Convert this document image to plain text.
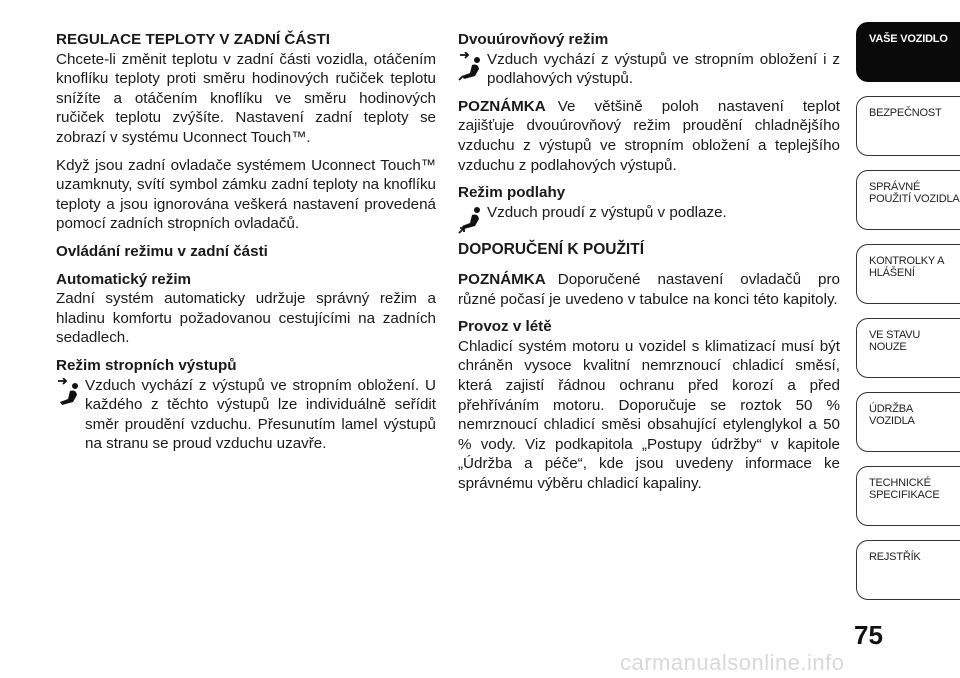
REGULACE TEPLOTY V ZADNÍ ČÁSTI

Chcete-li změnit teplotu v zadní části vozidla, otáčením knoflíku teploty proti směru hodinových ručiček teplotu snížíte a otáčením knoflíku ve směru hodinových ručiček teplotu zvýšíte. Nastavení zadní teploty se zobrazí v systému Uconnect Touch™.

Když jsou zadní ovladače systémem Uconnect Touch™ uzamknuty, svítí symbol zámku zadní teploty na knoflíku teploty a jsou ignorována veškerá nastavení provedená pomocí zadních stropních ovladačů.

Ovládání režimu v zadní části

Automatický režim

Zadní systém automaticky udržuje správný režim a hladinu komfortu požadovanou cestujícími na zadních sedadlech.

Režim stropních výstupů

Vzduch vychází z výstupů ve stropním obložení. U každého z těchto výstupů lze individuálně seřídit směr proudění vzduchu. Přesunutím lamel výstupů na stranu se proud vzduchu uzavře.

Dvouúrovňový režim

Vzduch vychází z výstupů ve stropním obložení i z podlahových výstupů.

POZNÁMKA Ve většině poloh nastavení teplot zajišťuje dvouúrovňový režim proudění chladnějšího vzduchu z výstupů ve stropním obložení a teplejšího vzduchu z podlahových výstupů.

Režim podlahy

Vzduch proudí z výstupů v podlaze.

DOPORUČENÍ K POUŽITÍ

POZNÁMKA Doporučené nastavení ovladačů pro různé počasí je uvedeno v tabulce na konci této kapitoly.

Provoz v létě

Chladicí systém motoru u vozidel s klimatizací musí být chráněn vysoce kvalitní nemrznoucí chladicí směsí, která zajistí řádnou ochranu před korozí a před přehříváním motoru. Doporučuje se roztok 50 % nemrznoucí chladicí směsi obsahující etylenglykol a 50 % vody. Viz podkapitola „Postupy údržby“ v kapitole „Údržba a péče“, kde jsou uvedeny informace ke správnému výběru chladicí kapaliny.

VAŠE VOZIDLO
BEZPEČNOST
SPRÁVNÉ POUŽITÍ VOZIDLA
KONTROLKY A HLÁŠENÍ
VE STAVU NOUZE
ÚDRŽBA VOZIDLA
TECHNICKÉ SPECIFIKACE
REJSTŘÍK
75
carmanualsonline.info
